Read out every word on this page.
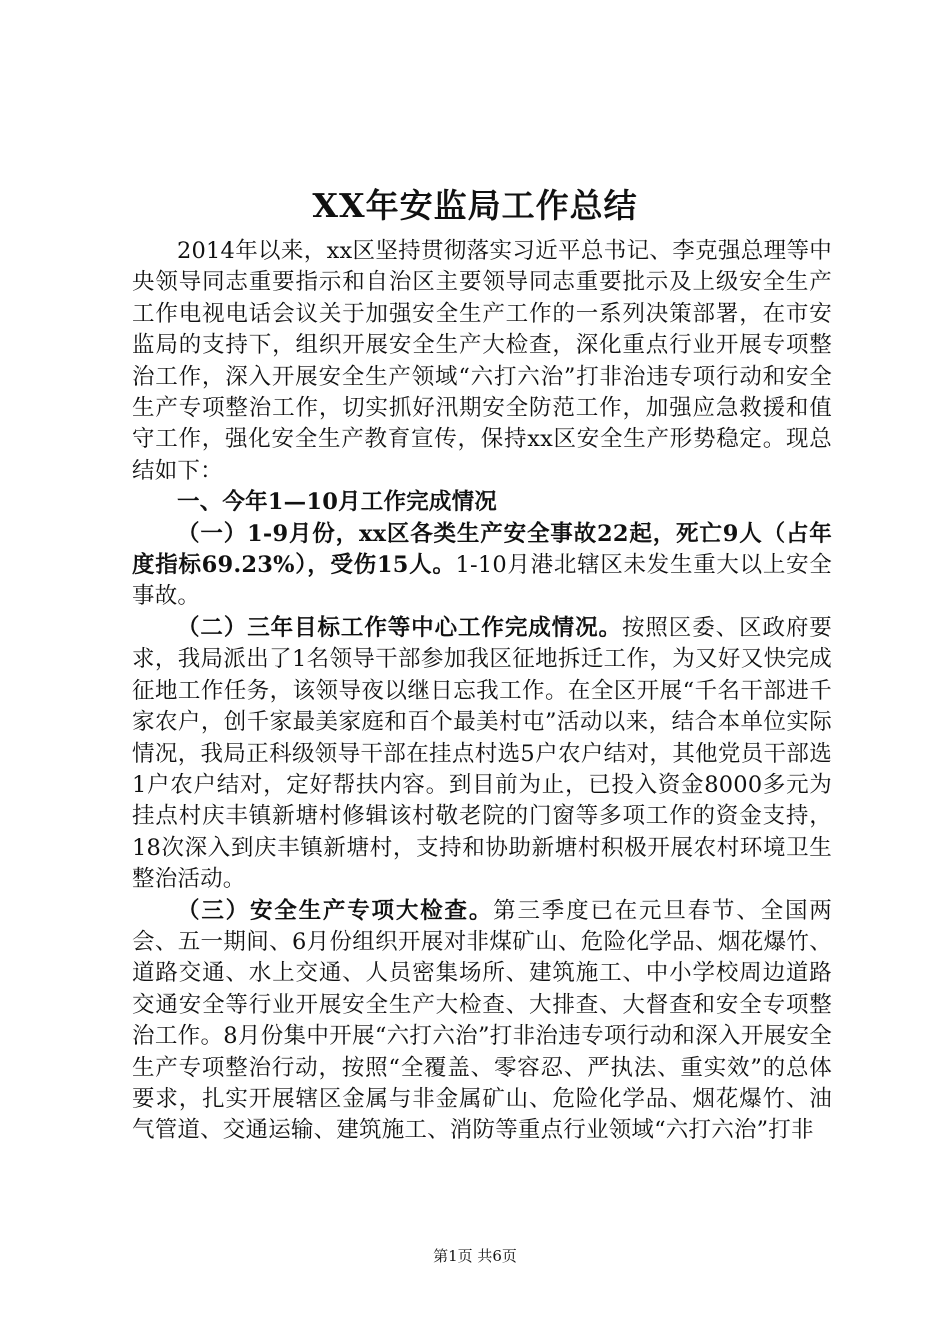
XX年安监局工作总结

2014年以来，xx区坚持贯彻落实习近平总书记、李克强总理等中央领导同志重要指示和自治区主要领导同志重要批示及上级安全生产工作电视电话会议关于加强安全生产工作的一系列决策部署，在市安监局的支持下，组织开展安全生产大检查，深化重点行业开展专项整治工作，深入开展安全生产领域“六打六治”打非治违专项行动和安全生产专项整治工作，切实抓好汛期安全防范工作，加强应急救援和值守工作，强化安全生产教育宣传，保持xx区安全生产形势稳定。现总结如下：

一、今年1—10月工作完成情况

（一）1-9月份，xx区各类生产安全事故22起，死亡9人（占年度指标69.23%），受伤15人。1-10月港北辖区未发生重大以上安全事故。

（二）三年目标工作等中心工作完成情况。按照区委、区政府要求，我局派出了1名领导干部参加我区征地拆迁工作，为又好又快完成征地工作任务，该领导夜以继日忘我工作。在全区开展“千名干部进千家农户，创千家最美家庭和百个最美村屯”活动以来，结合本单位实际情况，我局正科级领导干部在挂点村选5户农户结对，其他党员干部选1户农户结对，定好帮扶内容。到目前为止，已投入资金8000多元为挂点村庆丰镇新塘村修辑该村敬老院的门窗等多项工作的资金支持，18次深入到庆丰镇新塘村，支持和协助新塘村积极开展农村环境卫生整治活动。

（三）安全生产专项大检查。第三季度已在元旦春节、全国两会、五一期间、6月份组织开展对非煤矿山、危险化学品、烟花爆竹、道路交通、水上交通、人员密集场所、建筑施工、中小学校周边道路交通安全等行业开展安全生产大检查、大排查、大督查和安全专项整治工作。8月份集中开展“六打六治”打非治违专项行动和深入开展安全生产专项整治行动，按照“全覆盖、零容忍、严执法、重实效”的总体要求，扎实开展辖区金属与非金属矿山、危险化学品、烟花爆竹、油气管道、交通运输、建筑施工、消防等重点行业领域“六打六治”打非

第1页 共6页
